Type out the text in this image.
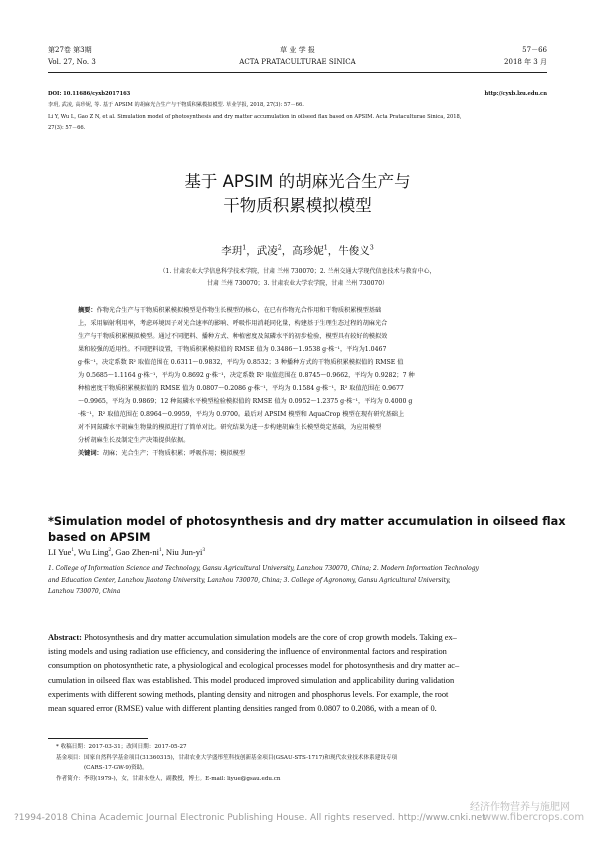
第27卷 第3期	草 业 学 报	57－66
Vol. 27, No. 3	ACTA PRATACULTURAE SINICA	2018 年 3 月
DOI: 10.11686/cyxb2017163	http://cyxb.lzu.edu.cn
李玥, 武凌, 高珍妮, 等. 基于 APSIM 的胡麻光合生产与干物质积累模拟模型. 草业学报, 2018, 27(3): 57－66.
Li Y, Wu L, Gao Z N, et al. Simulation model of photosynthesis and dry matter accumulation in oilseed flax based on APSIM. Acta Prataculturae Sinica, 2018,
27(3): 57－66.
基于 APSIM 的胡麻光合生产与
干物质积累模拟模型
李玥$^1$，武凌$^2$，高珍妮$^1$，牛俊义$^3$
（1. 甘肃农业大学信息科学技术学院，甘肃 兰州 730070；2. 兰州交通大学现代信息技术与教育中心，
甘肃 兰州 730070；3. 甘肃农业大学农学院，甘肃 兰州 730070）
摘要：作物光合生产与干物质积累模拟模型是作物生长模型的核心，在已有作物光合作用和干物质积累模型基础
上，采用辐射利用率，考虑环境因子对光合速率的影响、呼吸作用消耗同化量，构建基于生理生态过程的胡麻光合
生产与干物质积累模拟模型。通过不同肥料、播种方式、种植密度及氮磷水平的初步检验，模型具有较好的模拟效
果和较强的适用性。不同肥料设置，干物质积累模拟值的 RMSE 值为 0.3486～1.9538 g·株⁻¹，平均为1.0467
g·株⁻¹，决定系数 R² 取值范围在 0.6311～0.9832，平均为 0.8532；3 种播种方式的干物质积累模拟值的 RMSE 值
为 0.5685～1.1164 g·株⁻¹，平均为 0.8692 g·株⁻¹，决定系数 R² 取值范围在 0.8745～0.9662，平均为 0.9282；7 种
种植密度干物质积累模拟值的 RMSE 值为 0.0807～0.2086 g·株⁻¹，平均为 0.1584 g·株⁻¹，R² 取值范围在 0.9677
～0.9965，平均为 0.9869；12 种氮磷水平模型检验模拟值的 RMSE 值为 0.0952～1.2375 g·株⁻¹，平均为 0.4000 g
·株⁻¹，R² 取值范围在 0.8964～0.9959，平均为 0.9700。最后对 APSIM 模型和 AquaCrop 模型在现有研究基础上
对不同氮磷水平胡麻生物量的模拟进行了简单对比。研究结果为进一步构建胡麻生长模型奠定基础，为应用模型
分析胡麻生长及制定生产决策提供依据。
关键词：胡麻；光合生产；干物质积累；呼吸作用；模拟模型
*Simulation model of photosynthesis and dry matter accumulation in oilseed flax
based on APSIM
LI Yue$^1$, Wu Ling$^2$, Gao Zhen-$ni^1$, Niu Jun-$yi^3$
1. College of Information Science and Technology, Gansu Agricultural University, Lanzhou 730070, China; 2. Modern Information Technology
and Education Center, Lanzhou Jiaotong University, Lanzhou 730070, China; 3. College of Agronomy, Gansu Agricultural University,
Lanzhou 730070, China
Abstract: Photosynthesis and dry matter accumulation simulation models are the core of crop growth models. Taking ex–
isting models and using radiation use efficiency, and considering the influence of environmental factors and respiration
consumption on photosynthetic rate, a physiological and ecological processes model for photosynthesis and dry matter ac–
cumulation in oilseed flax was established. This model produced improved simulation and applicability during validation
experiments with different sowing methods, planting density and nitrogen and phosphorus levels. For example, the root
mean squared error (RMSE) value with different planting densities ranged from 0.0807 to 0.2086, with a mean of 0.
* 收稿日期：2017-03-31；改回日期：2017-05-27
基金项目：国家自然科学基金项目(31360315)，甘肃农业大学盛彤笙科技创新基金项目(GSAU-STS-1717)和现代农业技术体系建设专项
(CARS-17-GW-9)资助。
作者简介：李玥(1979-)，女，甘肃永登人，副教授，博士。E-mail: liyue@gsau.edu.cn
经济作物营养与施肥网
www.fibercrops.com
?1994-2018 China Academic Journal Electronic Publishing House. All rights reserved. http://www.cnki.net
